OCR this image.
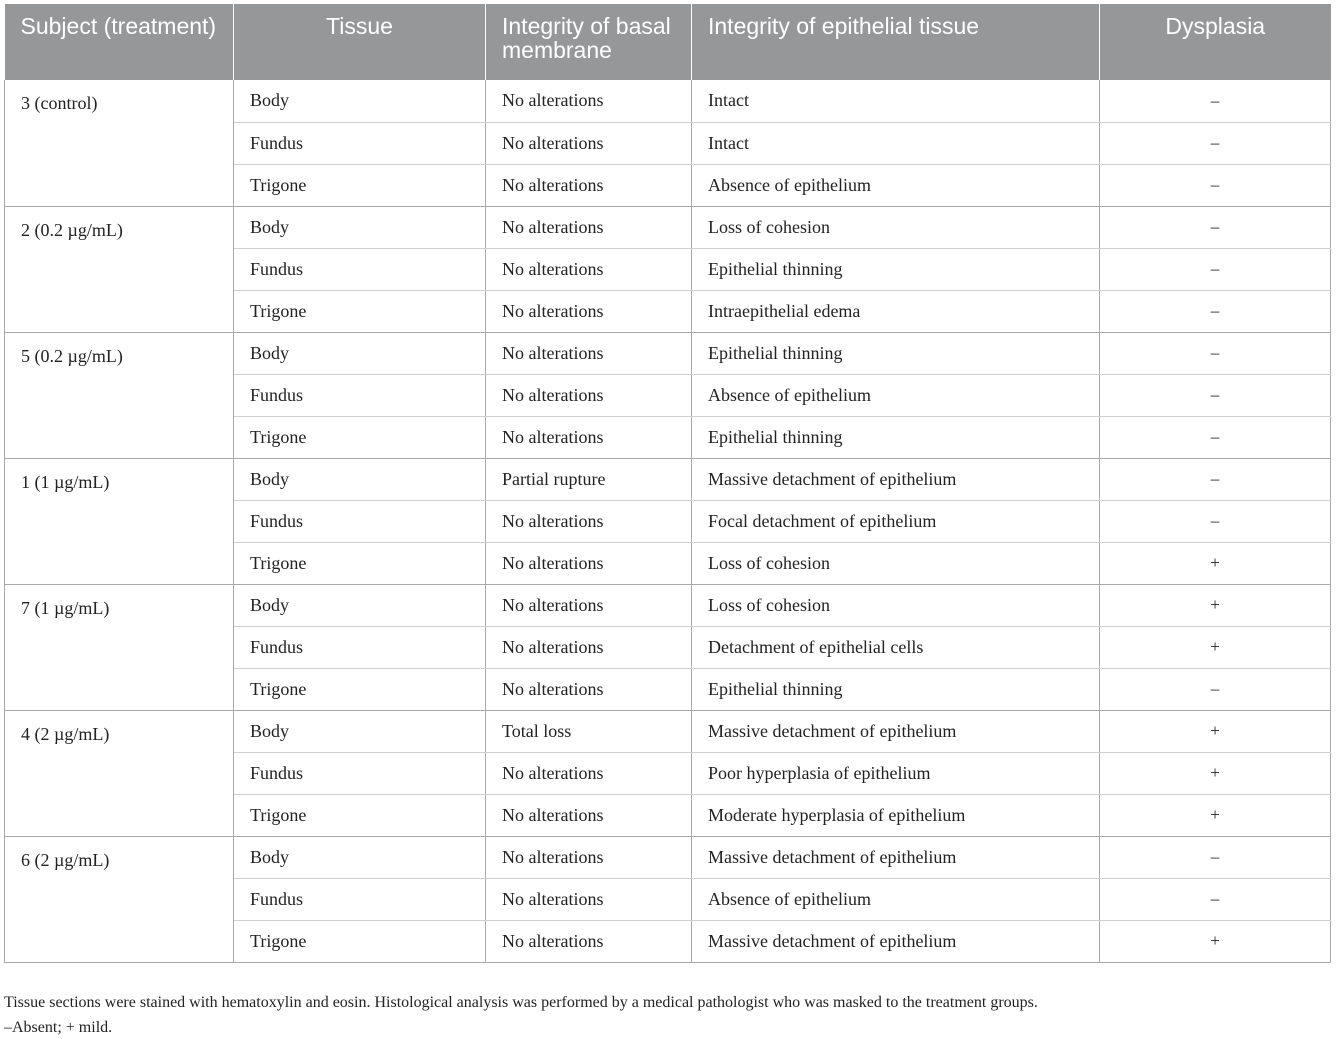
Subject (treatment)	Tissue	Integrity of basal membrane	Integrity of epithelial tissue	Dysplasia
3 (control)	Body	No alterations	Intact	–
	Fundus	No alterations	Intact	–
	Trigone	No alterations	Absence of epithelium	–
2 (0.2 µg/mL)	Body	No alterations	Loss of cohesion	–
	Fundus	No alterations	Epithelial thinning	–
	Trigone	No alterations	Intraepithelial edema	–
5 (0.2 µg/mL)	Body	No alterations	Epithelial thinning	–
	Fundus	No alterations	Absence of epithelium	–
	Trigone	No alterations	Epithelial thinning	–
1 (1 µg/mL)	Body	Partial rupture	Massive detachment of epithelium	–
	Fundus	No alterations	Focal detachment of epithelium	–
	Trigone	No alterations	Loss of cohesion	+
7 (1 µg/mL)	Body	No alterations	Loss of cohesion	+
	Fundus	No alterations	Detachment of epithelial cells	+
	Trigone	No alterations	Epithelial thinning	–
4 (2 µg/mL)	Body	Total loss	Massive detachment of epithelium	+
	Fundus	No alterations	Poor hyperplasia of epithelium	+
	Trigone	No alterations	Moderate hyperplasia of epithelium	+
6 (2 µg/mL)	Body	No alterations	Massive detachment of epithelium	–
	Fundus	No alterations	Absence of epithelium	–
	Trigone	No alterations	Massive detachment of epithelium	+
Tissue sections were stained with hematoxylin and eosin. Histological analysis was performed by a medical pathologist who was masked to the treatment groups.
–Absent; + mild.
